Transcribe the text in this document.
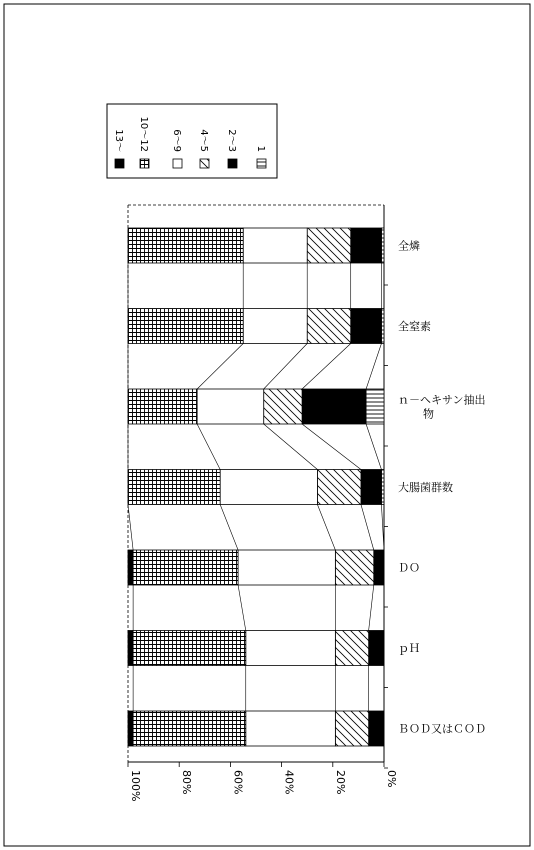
13～ 10～12 6～9 4～5 2～3 1
0%
20%
40%
60%
80%
100%
全燐
全窒素
ｎ－ヘキサン抽出物
大腸菌群数
ＤＯ
ｐＨ
ＢＯＤ又はＣＯＤ
